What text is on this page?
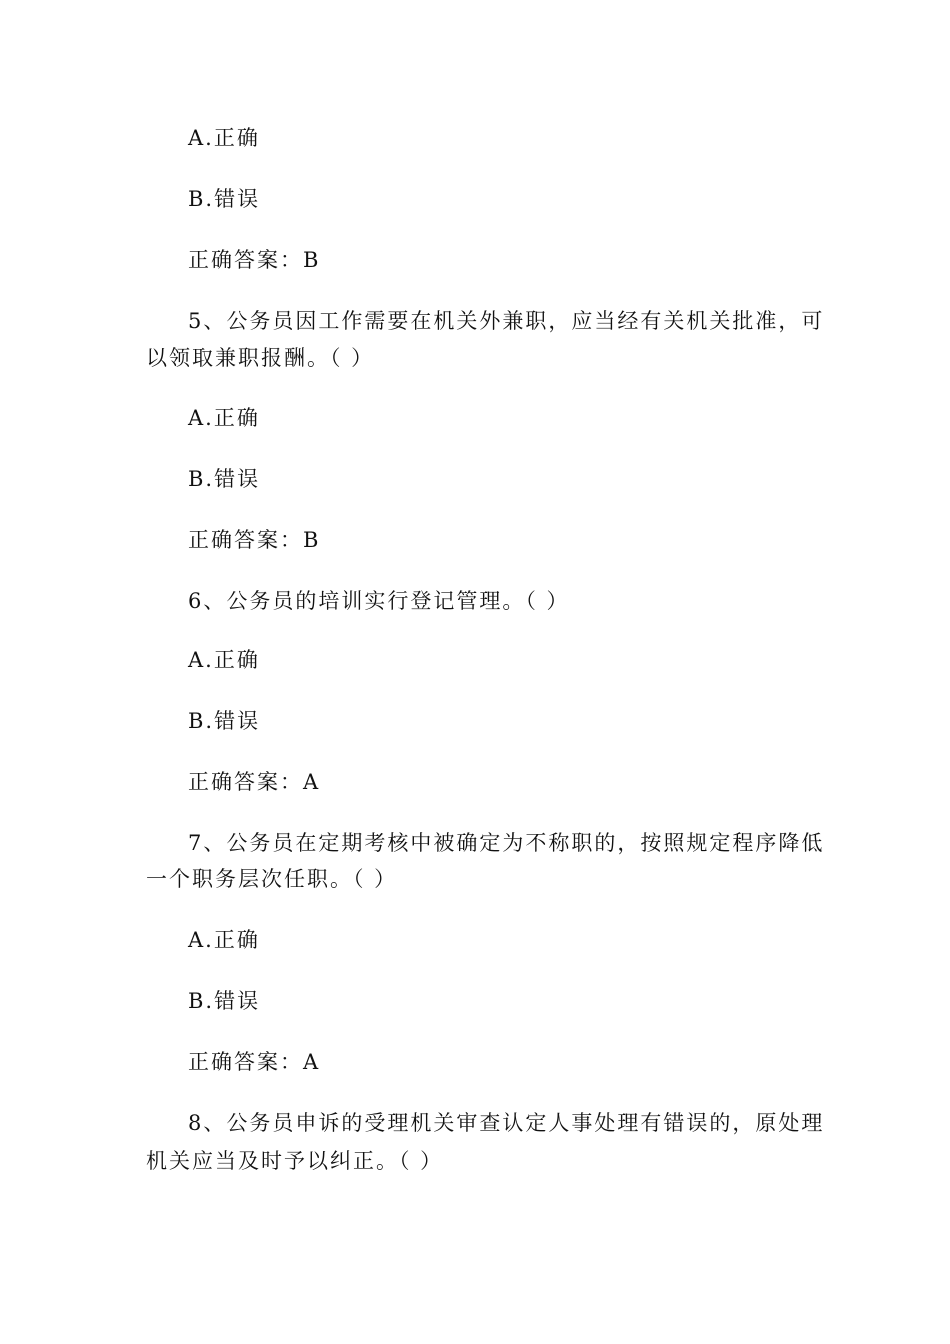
A.正确
B.错误
正确答案：B
5、公务员因工作需要在机关外兼职，应当经有关机关批准，可
以领取兼职报酬。（ ）
A.正确
B.错误
正确答案：B
6、公务员的培训实行登记管理。（ ）
A.正确
B.错误
正确答案：A
7、公务员在定期考核中被确定为不称职的，按照规定程序降低
一个职务层次任职。（ ）
A.正确
B.错误
正确答案：A
8、公务员申诉的受理机关审查认定人事处理有错误的，原处理
机关应当及时予以纠正。（ ）
